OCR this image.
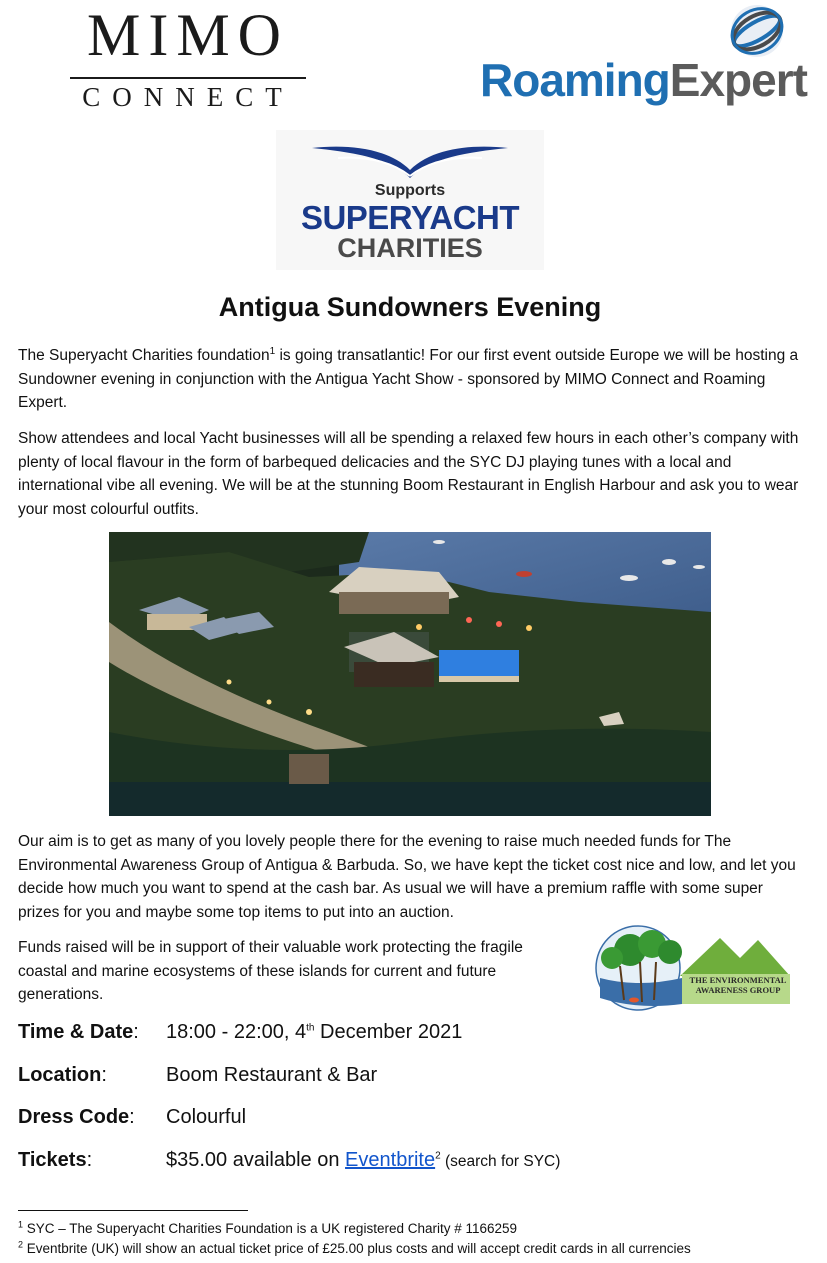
MIMO
CONNECT	RoamingExpert
Supports
SUPERYACHT
CHARITIES
Antigua Sundowners Evening
The Superyacht Charities foundation$^1$ is going transatlantic! For our first event outside Europe we will be hosting a Sundowner evening in conjunction with the Antigua Yacht Show - sponsored by MIMO Connect and Roaming Expert.
Show attendees and local Yacht businesses will all be spending a relaxed few hours in each other’s company with plenty of local flavour in the form of barbequed delicacies and the SYC DJ playing tunes with a local and international vibe all evening. We will be at the stunning Boom Restaurant in English Harbour and ask you to wear your most colourful outfits.
Our aim is to get as many of you lovely people there for the evening to raise much needed funds for The Environmental Awareness Group of Antigua & Barbuda. So, we have kept the ticket cost nice and low, and let you decide how much you want to spend at the cash bar. As usual we will have a premium raffle with some super prizes for you and maybe some top items to put into an auction.
Funds raised will be in support of their valuable work protecting the fragile coastal and marine ecosystems of these islands for current and future generations.
THE ENVIRONMENTAL
AWARENESS GROUP
Time & Date: 18:00 - 22:00, 4th December 2021
Location:	Boom Restaurant & Bar
Dress Code: Colourful
Tickets:	$35.00 available on Eventbrite$^2$ (search for SYC)
$^1$ SYC – The Superyacht Charities Foundation is a UK registered Charity # 1166259
$^2$ Eventbrite (UK) will show an actual ticket price of £25.00 plus costs and will accept credit cards in all currencies
